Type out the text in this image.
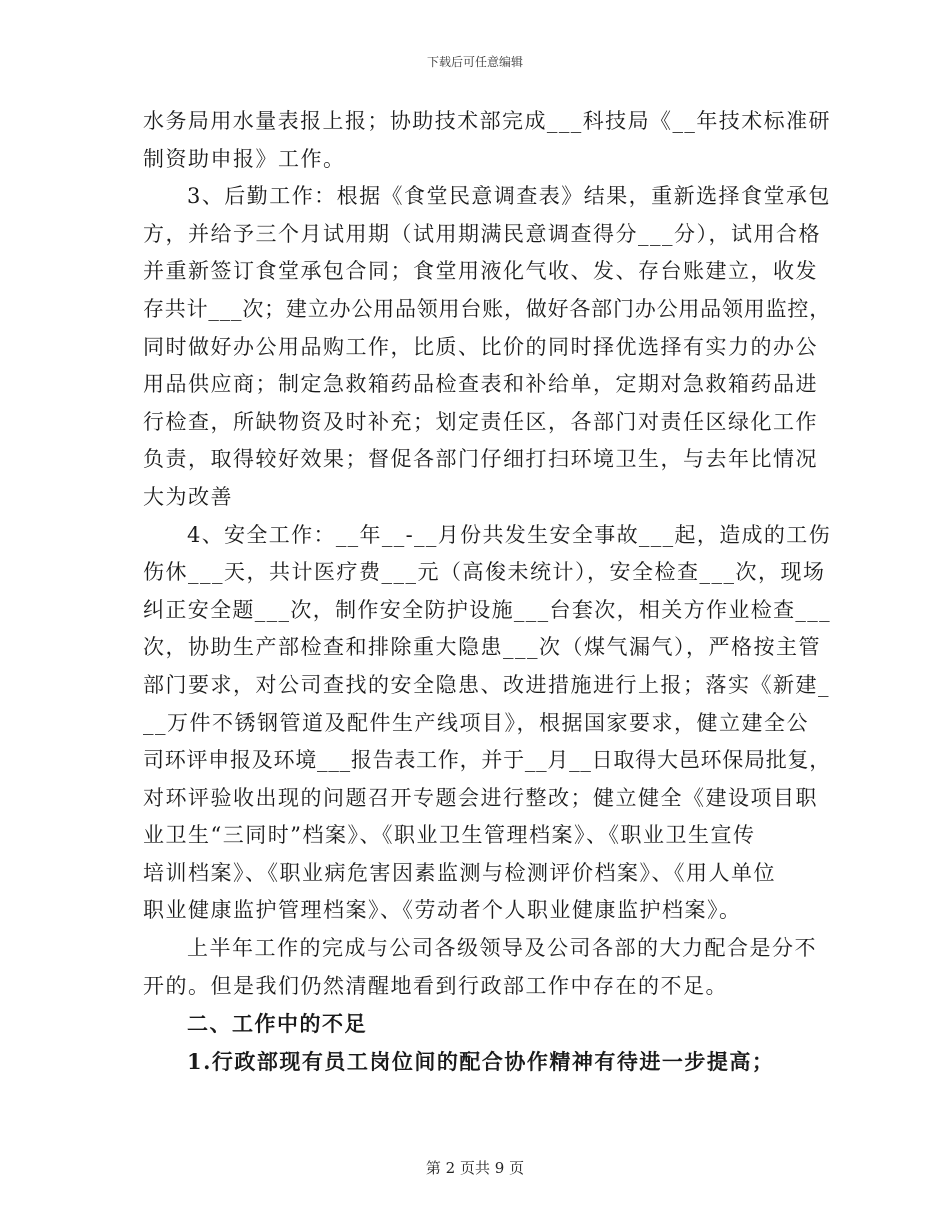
下载后可任意编辑
水务局用水量表报上报；协助技术部完成___科技局《__年技术标准研
制资助申报》工作。
3、后勤工作：根据《食堂民意调查表》结果，重新选择食堂承包
方，并给予三个月试用期（试用期满民意调查得分___分），试用合格
并重新签订食堂承包合同；食堂用液化气收、发、存台账建立，收发
存共计___次；建立办公用品领用台账，做好各部门办公用品领用监控，
同时做好办公用品购工作，比质、比价的同时择优选择有实力的办公
用品供应商；制定急救箱药品检查表和补给单，定期对急救箱药品进
行检查，所缺物资及时补充；划定责任区，各部门对责任区绿化工作
负责，取得较好效果；督促各部门仔细打扫环境卫生，与去年比情况
大为改善
4、安全工作：__年__-__月份共发生安全事故___起，造成的工伤
伤休___天，共计医疗费___元（高俊未统计），安全检查___次，现场
纠正安全题___次，制作安全防护设施___台套次，相关方作业检查___
次，协助生产部检查和排除重大隐患___次（煤气漏气），严格按主管
部门要求，对公司查找的安全隐患、改进措施进行上报；落实《新建_
__万件不锈钢管道及配件生产线项目》，根据国家要求，健立建全公
司环评申报及环境___报告表工作，并于__月__日取得大邑环保局批复，
对环评验收出现的问题召开专题会进行整改；健立健全《建设项目职
业卫生“三同时”档案》、《职业卫生管理档案》、《职业卫生宣传
培训档案》、《职业病危害因素监测与检测评价档案》、《用人单位
职业健康监护管理档案》、《劳动者个人职业健康监护档案》。
上半年工作的完成与公司各级领导及公司各部的大力配合是分不
开的。但是我们仍然清醒地看到行政部工作中存在的不足。
二、工作中的不足
1.行政部现有员工岗位间的配合协作精神有待进一步提高；
第 2 页共 9 页
